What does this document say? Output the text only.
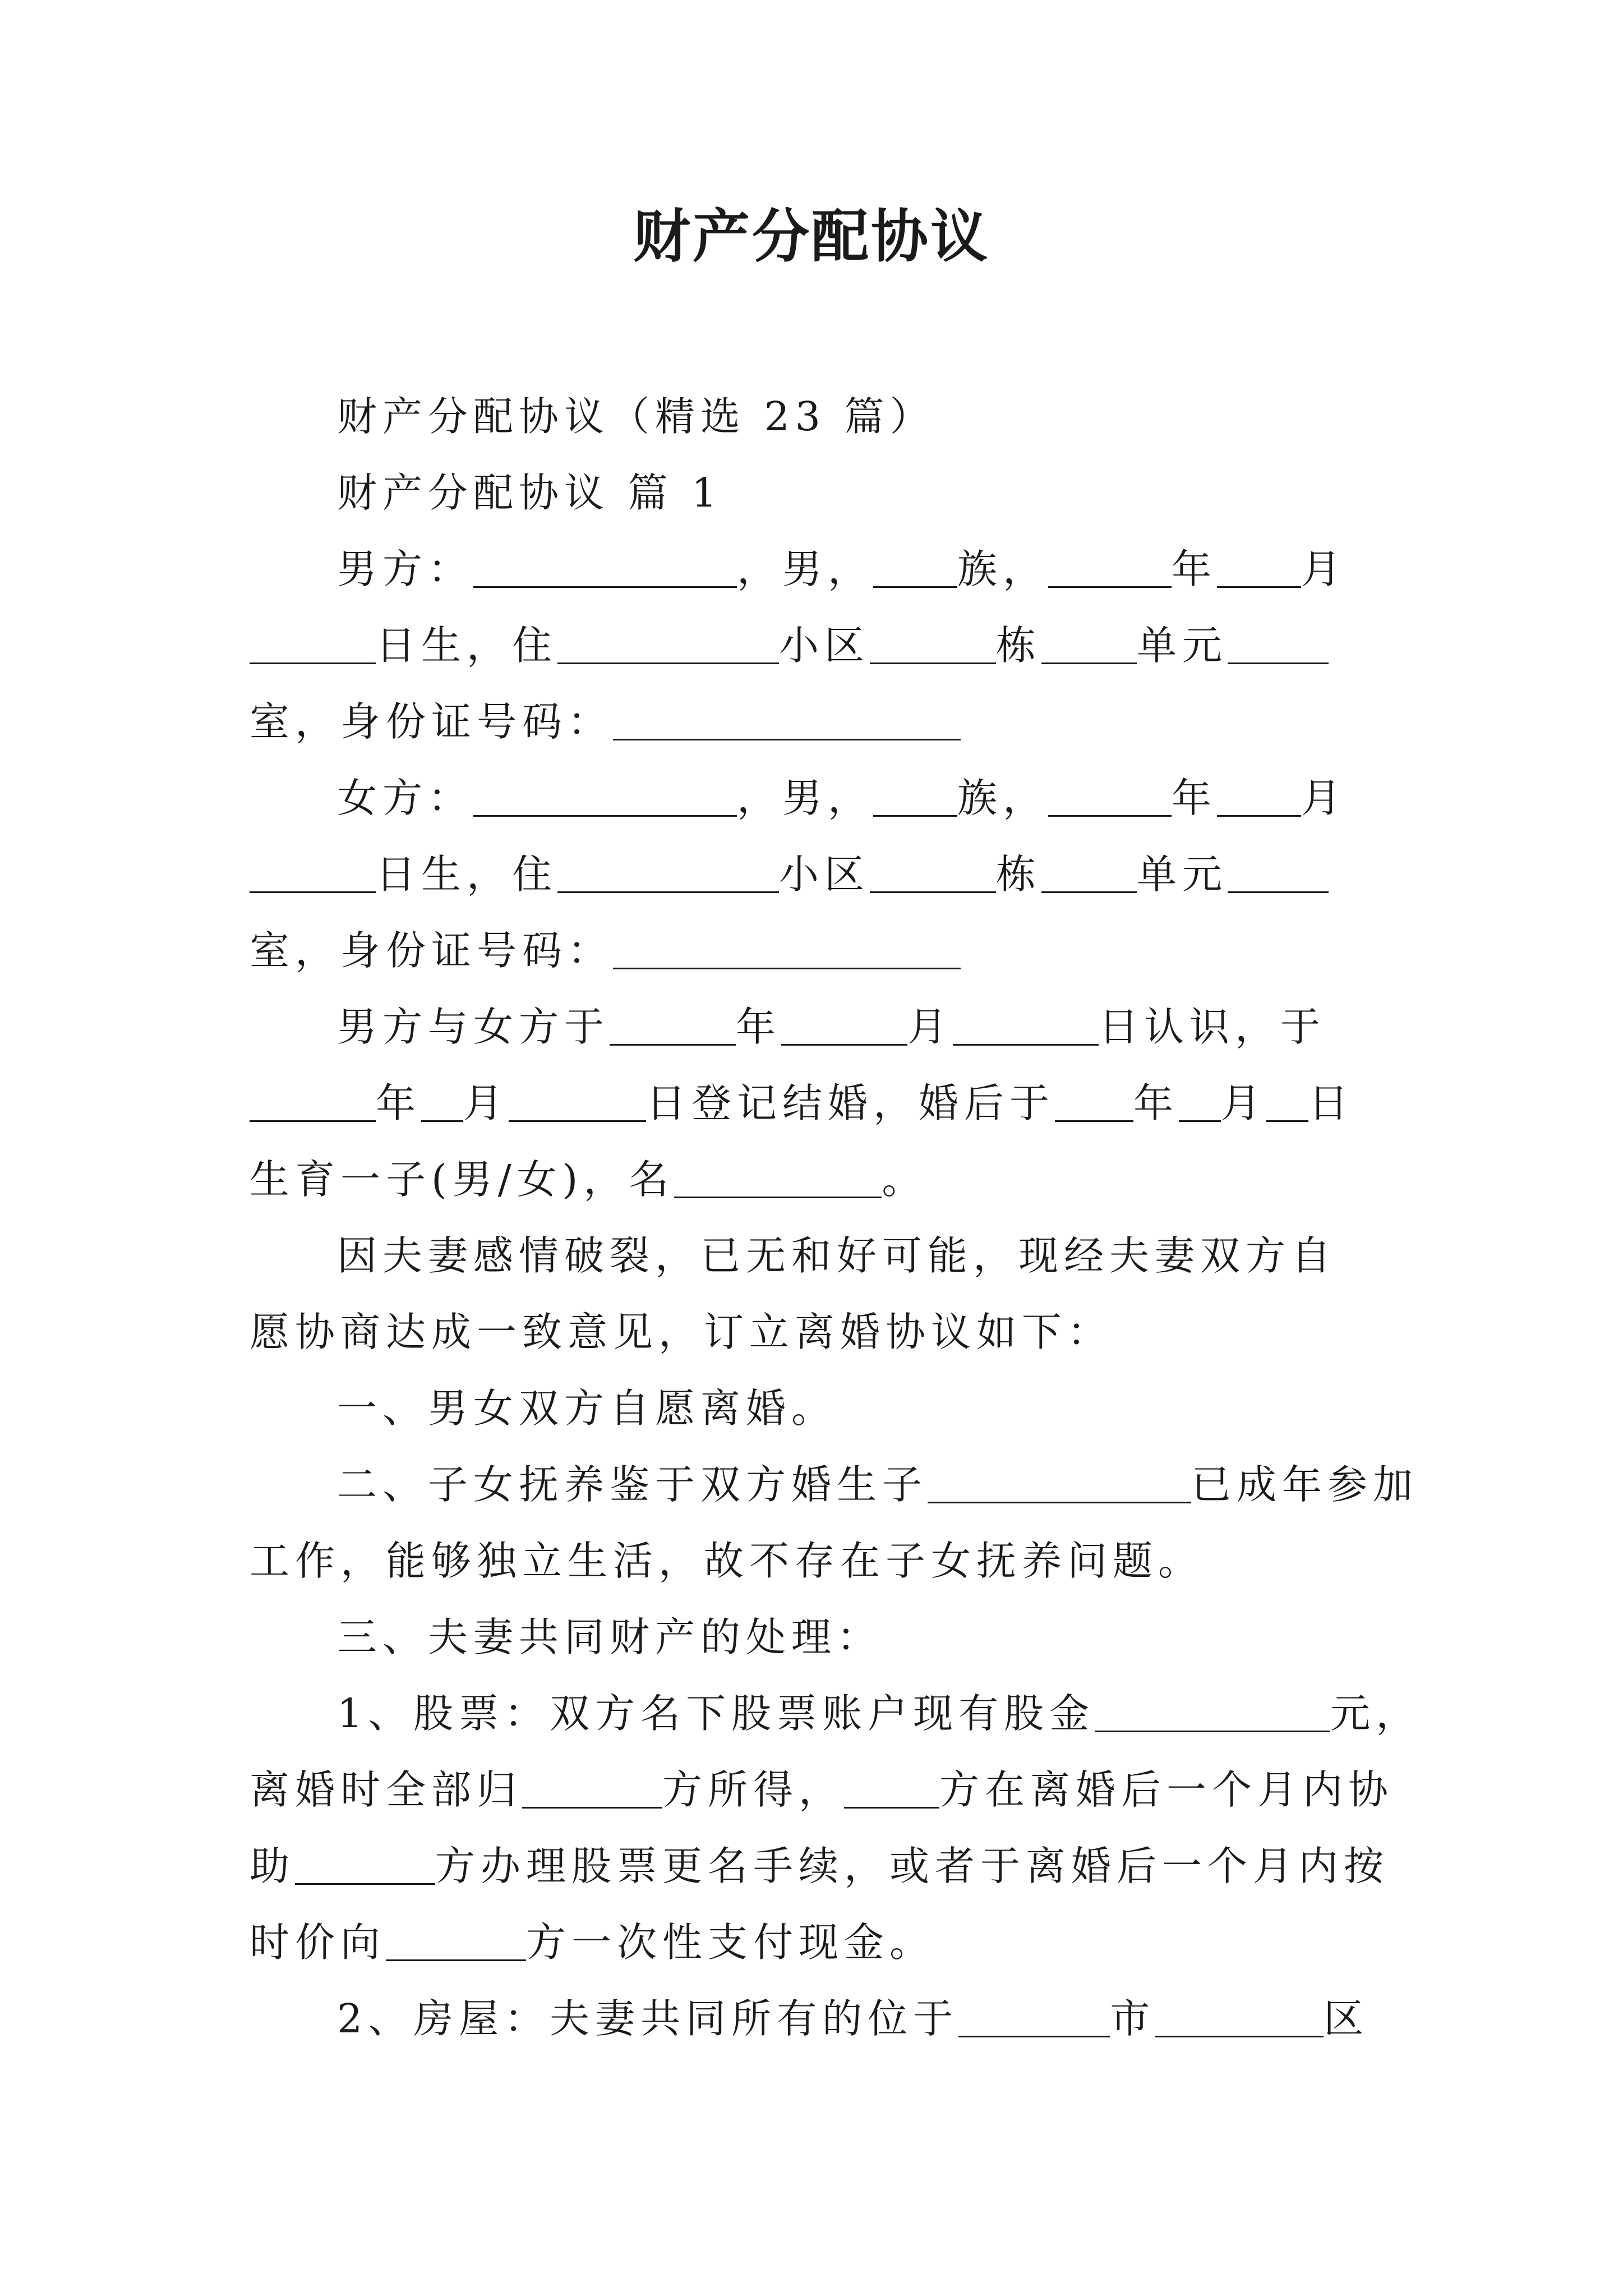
财产分配协议

财产分配协议（精选 23 篇）

财产分配协议 篇 1

男方：	，男， 族，	年 月

日生，住	小区	栋 单元

室，身份证号码：

女方：	，男， 族，	年 月

日生，住	小区	栋 单元

室，身份证号码：

男方与女方于	年	月	日认识，于

年 月	日登记结婚，婚后于 年 月 日

生育一子(男/女)，名	。

因夫妻感情破裂，已无和好可能，现经夫妻双方自愿协商达成一致意见，订立离婚协议如下：

一、男女双方自愿离婚。

二、子女抚养鉴于双方婚生子	已成年参加

工作，能够独立生活，故不存在子女抚养问题。

三、夫妻共同财产的处理：

1、股票：双方名下股票账户现有股金	元，

离婚时全部归	方所得， 方在离婚后一个月内协

助	方办理股票更名手续，或者于离婚后一个月内按

时价向	方一次性支付现金。

2、房屋：夫妻共同所有的位于	市	区
